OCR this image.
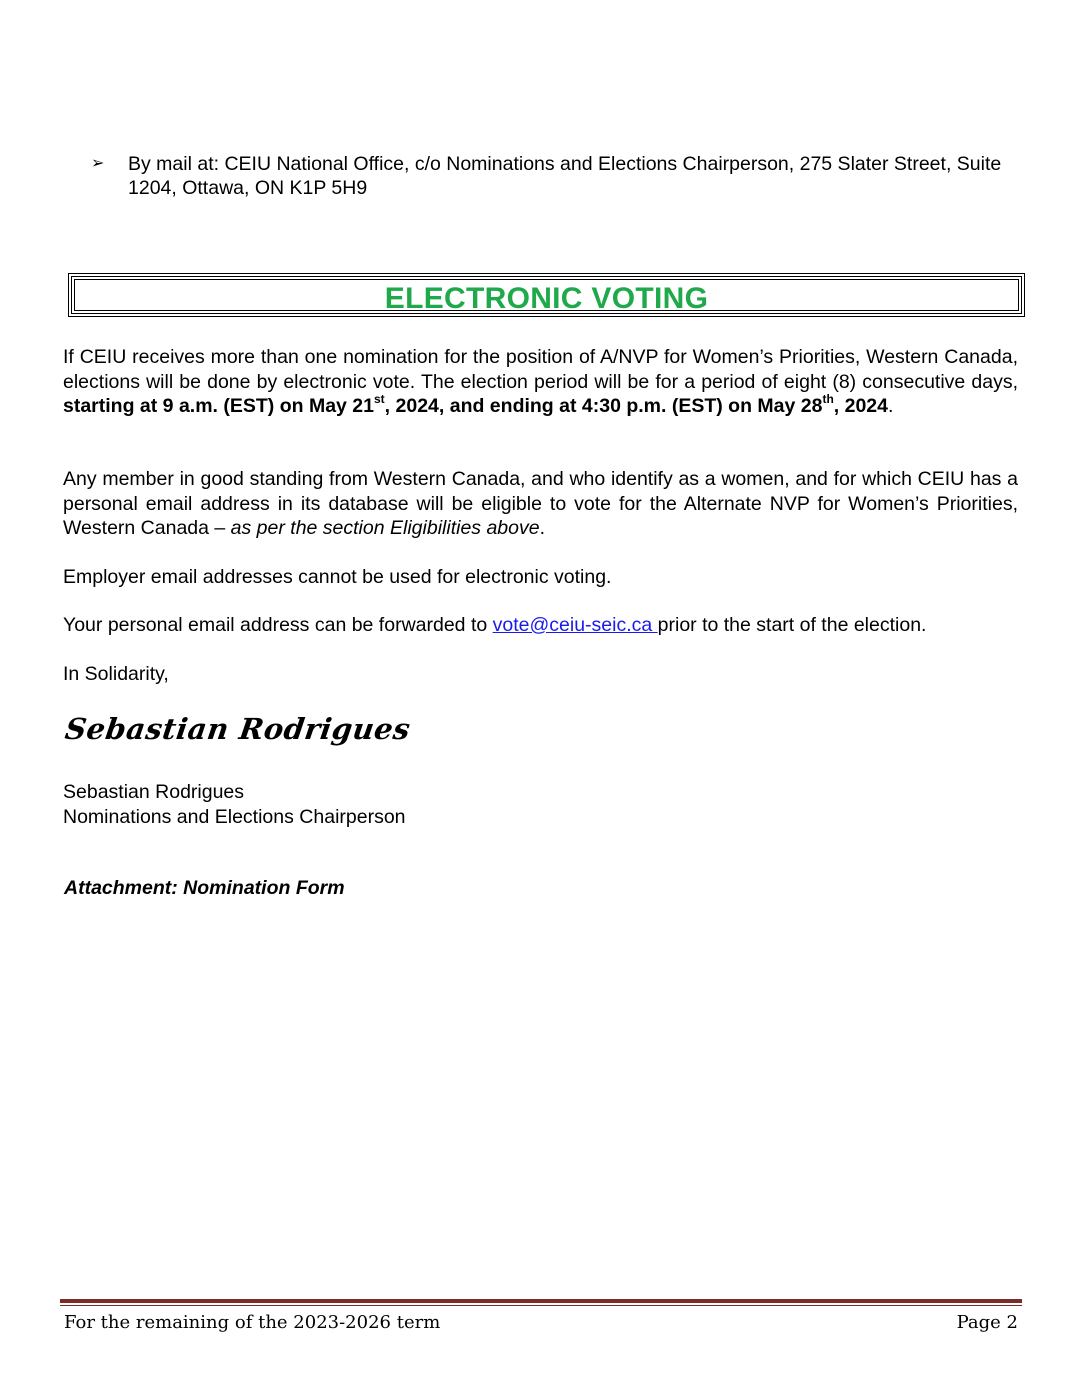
➢ By mail at: CEIU National Office, c/o Nominations and Elections Chairperson, 275 Slater Street, Suite 1204, Ottawa, ON K1P 5H9
ELECTRONIC VOTING
If CEIU receives more than one nomination for the position of A/NVP for Women’s Priorities, Western Canada, elections will be done by electronic vote. The election period will be for a period of eight (8) consecutive days, starting at 9 a.m. (EST) on May 21st, 2024, and ending at 4:30 p.m. (EST) on May 28th, 2024.
Any member in good standing from Western Canada, and who identify as a women, and for which CEIU has a personal email address in its database will be eligible to vote for the Alternate NVP for Women’s Priorities, Western Canada – as per the section Eligibilities above.
Employer email addresses cannot be used for electronic voting.
Your personal email address can be forwarded to vote@ceiu-seic.ca prior to the start of the election.
In Solidarity,
Sebastian Rodrigues
Sebastian Rodrigues
Nominations and Elections Chairperson
Attachment: Nomination Form
For the remaining of the 2023-2026 term	Page 2
